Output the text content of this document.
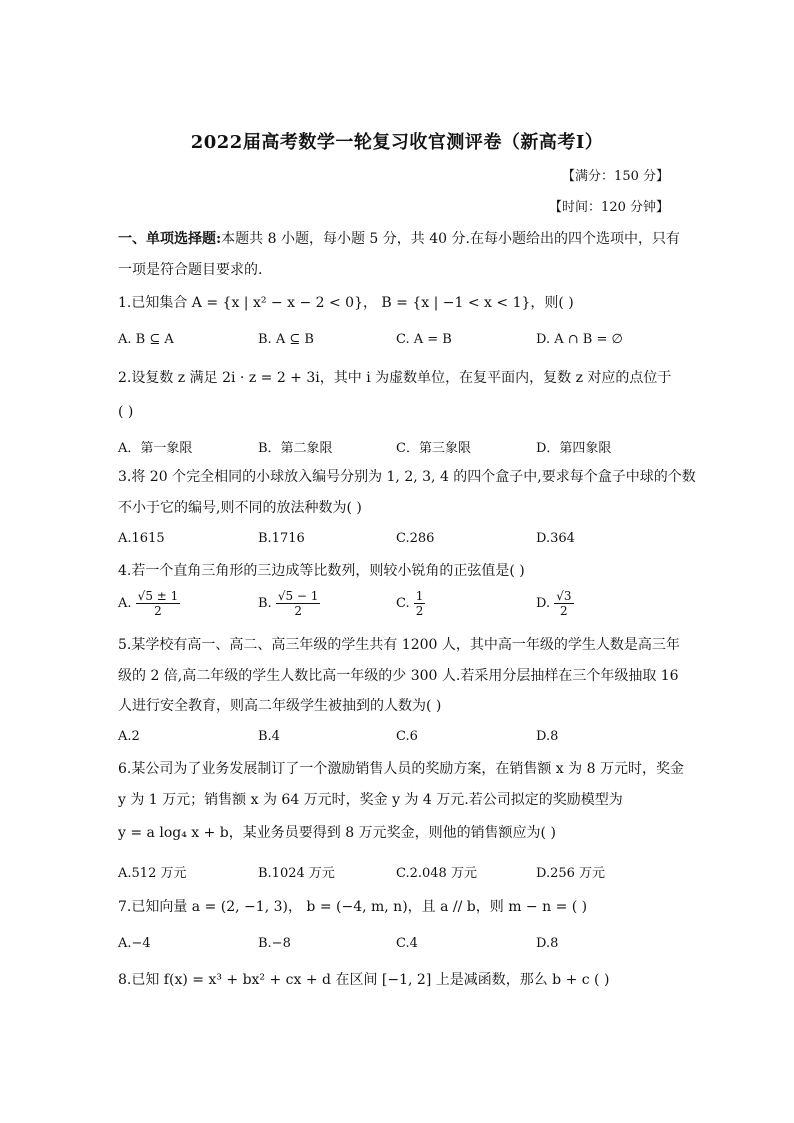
2022届高考数学一轮复习收官测评卷（新高考Ⅰ）
【满分：150 分】
【时间：120 分钟】
一、单项选择题:本题共 8 小题，每小题 5 分，共 40 分.在每小题给出的四个选项中，只有
一项是符合题目要求的.
1.已知集合 A = {x | x² − x − 2 < 0}， B = {x | −1 < x < 1}，则( )
A. B ⊆ A	B. A ⊆ B	C. A = B	D. A ∩ B = ∅
2.设复数 z 满足 2i · z = 2 + 3i，其中 i 为虚数单位，在复平面内，复数 z 对应的点位于
( )
A．第一象限	B．第二象限	C．第三象限	D．第四象限
3.将 20 个完全相同的小球放入编号分别为 1, 2, 3, 4 的四个盒子中,要求每个盒子中球的个数
不小于它的编号,则不同的放法种数为( )
A.1615	B.1716	C.286	D.364
4.若一个直角三角形的三边成等比数列，则较小锐角的正弦值是( )
A. $\frac{√5 \pm 1}{2}$	B. $\frac{√5 - 1}{2}$	C. $\frac{1}{2}$	D. $\frac{√3}{2}$
5.某学校有高一、高二、高三年级的学生共有 1200 人，其中高一年级的学生人数是高三年
级的 2 倍,高二年级的学生人数比高一年级的少 300 人.若采用分层抽样在三个年级抽取 16
人进行安全教育，则高二年级学生被抽到的人数为( )
A.2	B.4	C.6	D.8
6.某公司为了业务发展制订了一个激励销售人员的奖励方案，在销售额 x 为 8 万元时，奖金
y 为 1 万元；销售额 x 为 64 万元时，奖金 y 为 4 万元.若公司拟定的奖励模型为
y = a log₄ x + b，某业务员要得到 8 万元奖金，则他的销售额应为( )
A.512 万元	B.1024 万元	C.2.048 万元	D.256 万元
7.已知向量 a = (2, −1, 3)， b = (−4, m, n)，且 a // b，则 m − n = ( )
A.−4	B.−8	C.4	D.8
8.已知 f(x) = x³ + bx² + cx + d 在区间 [−1, 2] 上是减函数，那么 b + c ( )
